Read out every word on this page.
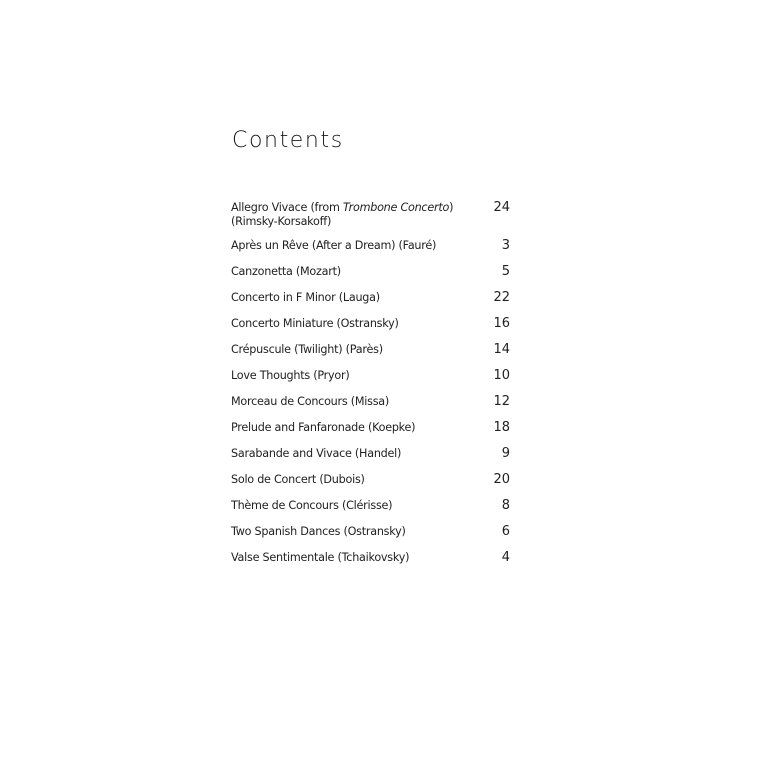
Contents
Allegro Vivace (from Trombone Concerto)
(Rimsky-Korsakoff)
24
Après un Rêve (After a Dream) (Fauré)	3
Canzonetta (Mozart)	5
Concerto in F Minor (Lauga)	22
Concerto Miniature (Ostransky)	16
Crépuscule (Twilight) (Parès)	14
Love Thoughts (Pryor)	10
Morceau de Concours (Missa)	12
Prelude and Fanfaronade (Koepke)	18
Sarabande and Vivace (Handel)	9
Solo de Concert (Dubois)	20
Thème de Concours (Clérisse)	8
Two Spanish Dances (Ostransky)	6
Valse Sentimentale (Tchaikovsky)	4
